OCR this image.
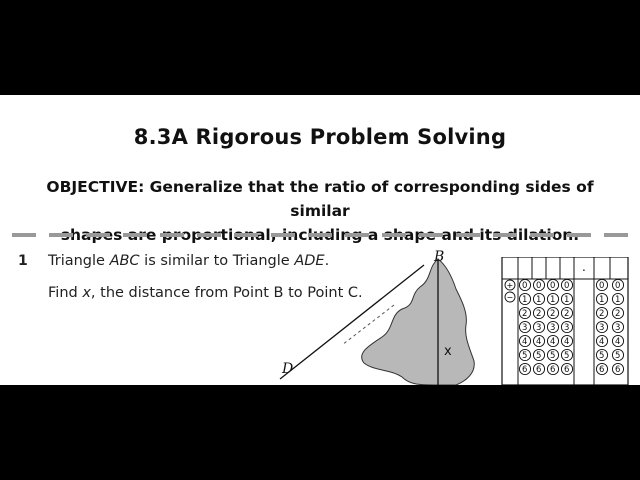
8.3A Rigorous Problem Solving
OBJECTIVE: Generalize that the ratio of corresponding sides of similar
shapes are proportional, including a shape and its dilation.
1 Triangle ABC is similar to Triangle ADE.
Find x, the distance from Point B to Point C.
B
D
x
.
+
−
0
1
2
3
4
5
6
0
1
2
3
4
5
6
0
1
2
3
4
5
6
0
1
2
3
4
5
6
0
1
2
3
4
5
6
0
1
2
3
4
5
6
